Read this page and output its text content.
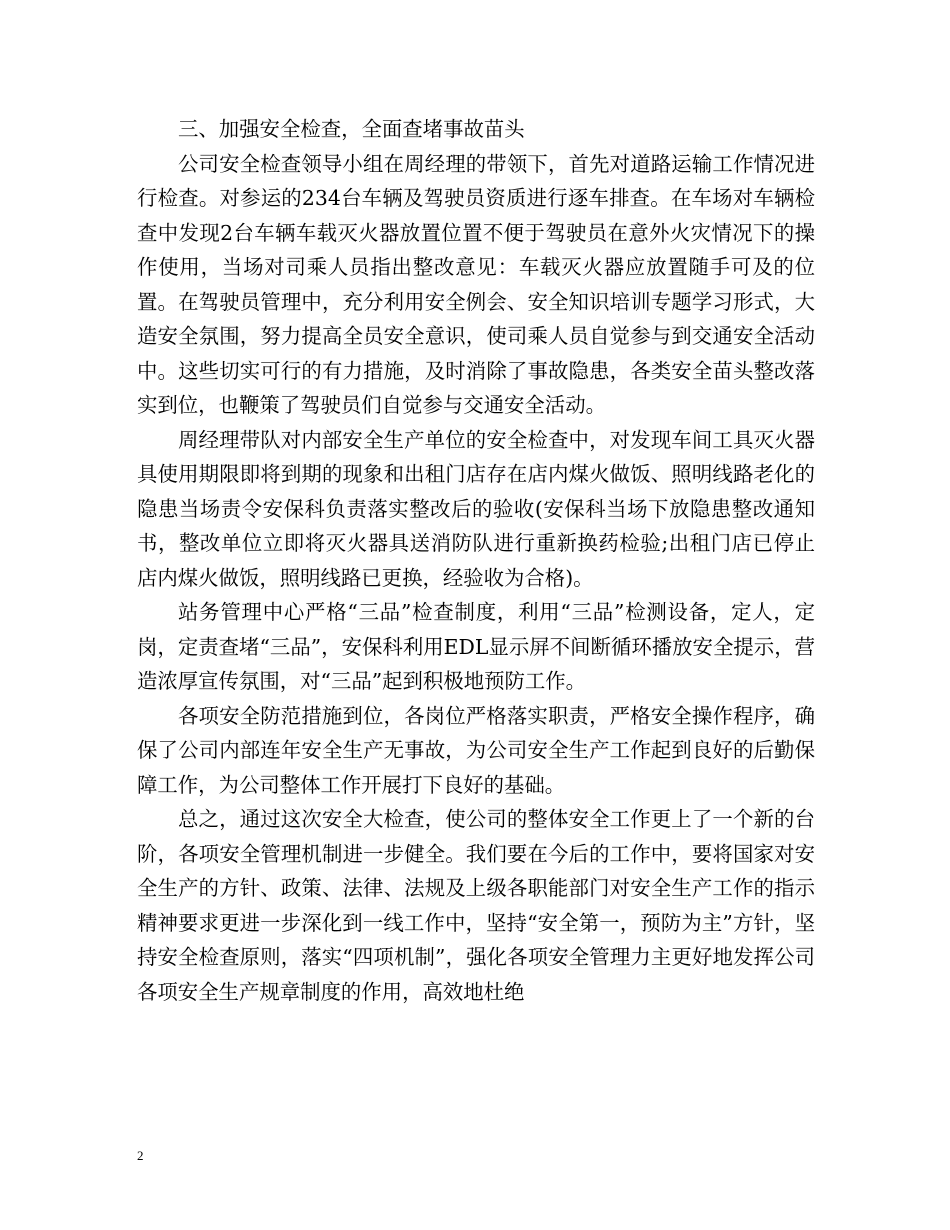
三、加强安全检查，全面查堵事故苗头

公司安全检查领导小组在周经理的带领下，首先对道路运输工作情况进行检查。对参运的234台车辆及驾驶员资质进行逐车排查。在车场对车辆检查中发现2台车辆车载灭火器放置位置不便于驾驶员在意外火灾情况下的操作使用，当场对司乘人员指出整改意见：车载灭火器应放置随手可及的位置。在驾驶员管理中，充分利用安全例会、安全知识培训专题学习形式，大造安全氛围，努力提高全员安全意识，使司乘人员自觉参与到交通安全活动中。这些切实可行的有力措施，及时消除了事故隐患，各类安全苗头整改落实到位，也鞭策了驾驶员们自觉参与交通安全活动。

周经理带队对内部安全生产单位的安全检查中，对发现车间工具灭火器具使用期限即将到期的现象和出租门店存在店内煤火做饭、照明线路老化的隐患当场责令安保科负责落实整改后的验收(安保科当场下放隐患整改通知书，整改单位立即将灭火器具送消防队进行重新换药检验;出租门店已停止店内煤火做饭，照明线路已更换，经验收为合格)。

站务管理中心严格“三品”检查制度，利用“三品”检测设备，定人，定岗，定责查堵“三品”，安保科利用EDL显示屏不间断循环播放安全提示，营造浓厚宣传氛围，对“三品”起到积极地预防工作。

各项安全防范措施到位，各岗位严格落实职责，严格安全操作程序，确保了公司内部连年安全生产无事故，为公司安全生产工作起到良好的后勤保障工作，为公司整体工作开展打下良好的基础。

总之，通过这次安全大检查，使公司的整体安全工作更上了一个新的台阶，各项安全管理机制进一步健全。我们要在今后的工作中，要将国家对安全生产的方针、政策、法律、法规及上级各职能部门对安全生产工作的指示精神要求更进一步深化到一线工作中，坚持“安全第一，预防为主”方针，坚持安全检查原则，落实“四项机制”，强化各项安全管理力主更好地发挥公司各项安全生产规章制度的作用，高效地杜绝

2
